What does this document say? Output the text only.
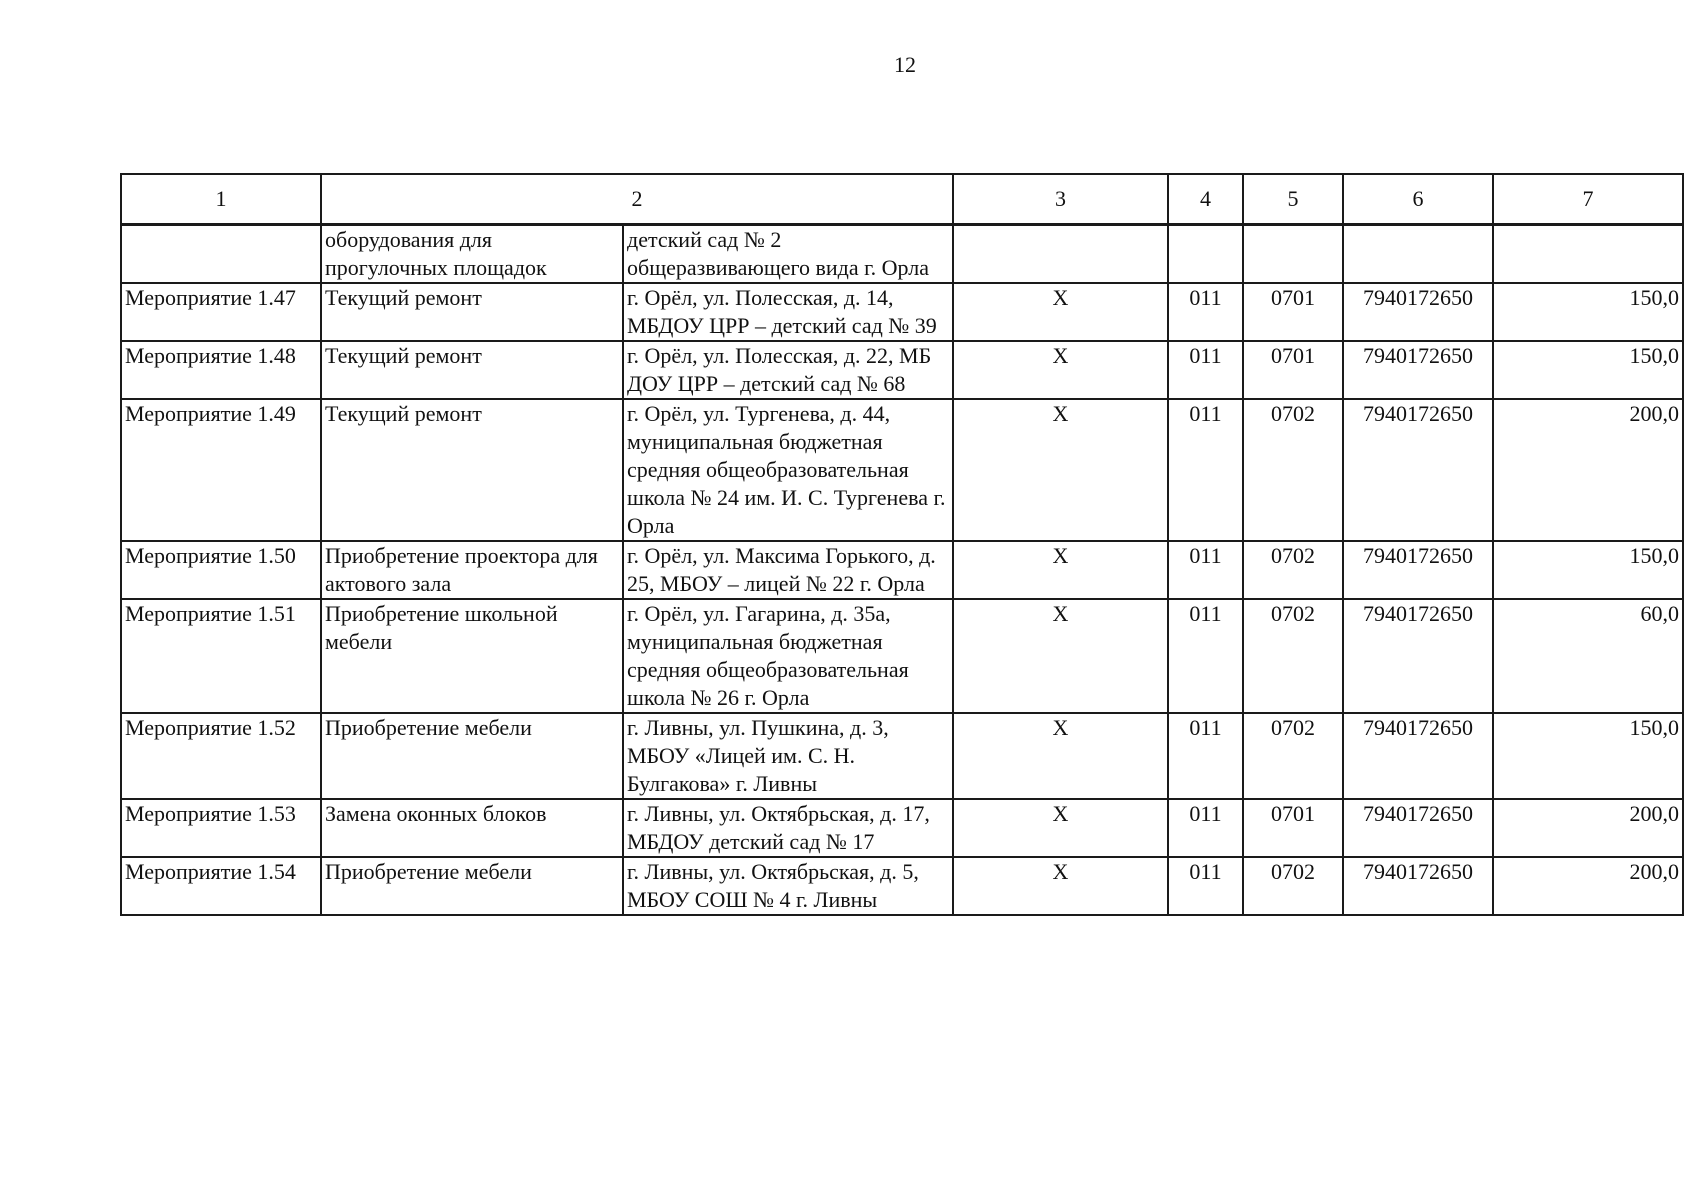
12
1	2		3	4	5	6	7
	оборудования для прогулочных площадок	детский сад № 2 общеразвивающего вида г. Орла					
Мероприятие 1.47	Текущий ремонт	г. Орёл, ул. Полесская, д. 14, МБДОУ ЦРР – детский сад № 39	X	011	0701	7940172650	150,0
Мероприятие 1.48	Текущий ремонт	г. Орёл, ул. Полесская, д. 22, МБ ДОУ ЦРР – детский сад № 68	X	011	0701	7940172650	150,0
Мероприятие 1.49	Текущий ремонт	г. Орёл, ул. Тургенева, д. 44, муниципальная бюджетная средняя общеобразовательная школа № 24 им. И. С. Тургенева г. Орла	X	011	0702	7940172650	200,0
Мероприятие 1.50	Приобретение проектора для актового зала	г. Орёл, ул. Максима Горького, д. 25, МБОУ – лицей № 22 г. Орла	X	011	0702	7940172650	150,0
Мероприятие 1.51	Приобретение школьной мебели	г. Орёл, ул. Гагарина, д. 35а, муниципальная бюджетная средняя общеобразовательная школа № 26 г. Орла	X	011	0702	7940172650	60,0
Мероприятие 1.52	Приобретение мебели	г. Ливны, ул. Пушкина, д. 3, МБОУ «Лицей им. С. Н. Булгакова» г. Ливны	X	011	0702	7940172650	150,0
Мероприятие 1.53	Замена оконных блоков	г. Ливны, ул. Октябрьская, д. 17, МБДОУ детский сад № 17	X	011	0701	7940172650	200,0
Мероприятие 1.54	Приобретение мебели	г. Ливны, ул. Октябрьская, д. 5, МБОУ СОШ № 4 г. Ливны	X	011	0702	7940172650	200,0
